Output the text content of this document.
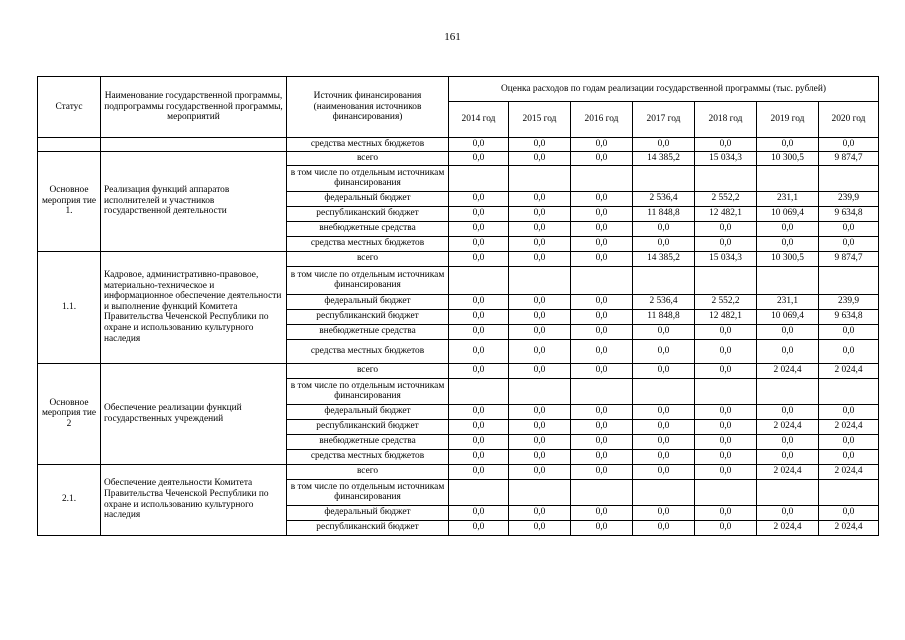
161
Статус	Наименование государственной программы, подпрограммы государственной программы, мероприятий	Источник финансирования (наименования источников финансирования)	Оценка расходов по годам реализации государственной программы (тыс. рублей)						
			2014 год	2015 год	2016 год	2017 год	2018 год	2019 год	2020 год
		средства местных бюджетов	0,0	0,0	0,0	0,0	0,0	0,0	0,0
Основное мероприя тие 1.	Реализация функций аппаратов исполнителей и участников государственной деятельности	всего	0,0	0,0	0,0	14 385,2	15 034,3	10 300,5	9 874,7
		в том числе по отдельным источникам финансирования							
		федеральный бюджет	0,0	0,0	0,0	2 536,4	2 552,2	231,1	239,9
		республиканский бюджет	0,0	0,0	0,0	11 848,8	12 482,1	10 069,4	9 634,8
		внебюджетные средства	0,0	0,0	0,0	0,0	0,0	0,0	0,0
		средства местных бюджетов	0,0	0,0	0,0	0,0	0,0	0,0	0,0
1.1.	Кадровое, административно-правовое, материально-техническое и информационное обеспечение деятельности и выполнение функций Комитета Правительства Чеченской Республики по охране и использованию культурного наследия	всего	0,0	0,0	0,0	14 385,2	15 034,3	10 300,5	9 874,7
		в том числе по отдельным источникам финансирования							
		федеральный бюджет	0,0	0,0	0,0	2 536,4	2 552,2	231,1	239,9
		республиканский бюджет	0,0	0,0	0,0	11 848,8	12 482,1	10 069,4	9 634,8
		внебюджетные средства	0,0	0,0	0,0	0,0	0,0	0,0	0,0
		средства местных бюджетов	0,0	0,0	0,0	0,0	0,0	0,0	0,0
Основное мероприя тие 2	Обеспечение реализации функций государственных учреждений	всего	0,0	0,0	0,0	0,0	0,0	2 024,4	2 024,4
		в том числе по отдельным источникам финансирования							
		федеральный бюджет	0,0	0,0	0,0	0,0	0,0	0,0	0,0
		республиканский бюджет	0,0	0,0	0,0	0,0	0,0	2 024,4	2 024,4
		внебюджетные средства	0,0	0,0	0,0	0,0	0,0	0,0	0,0
		средства местных бюджетов	0,0	0,0	0,0	0,0	0,0	0,0	0,0
2.1.	Обеспечение деятельности Комитета Правительства Чеченской Республики по охране и использованию культурного наследия	всего	0,0	0,0	0,0	0,0	0,0	2 024,4	2 024,4
		в том числе по отдельным источникам финансирования							
		федеральный бюджет	0,0	0,0	0,0	0,0	0,0	0,0	0,0
		республиканский бюджет	0,0	0,0	0,0	0,0	0,0	2 024,4	2 024,4
